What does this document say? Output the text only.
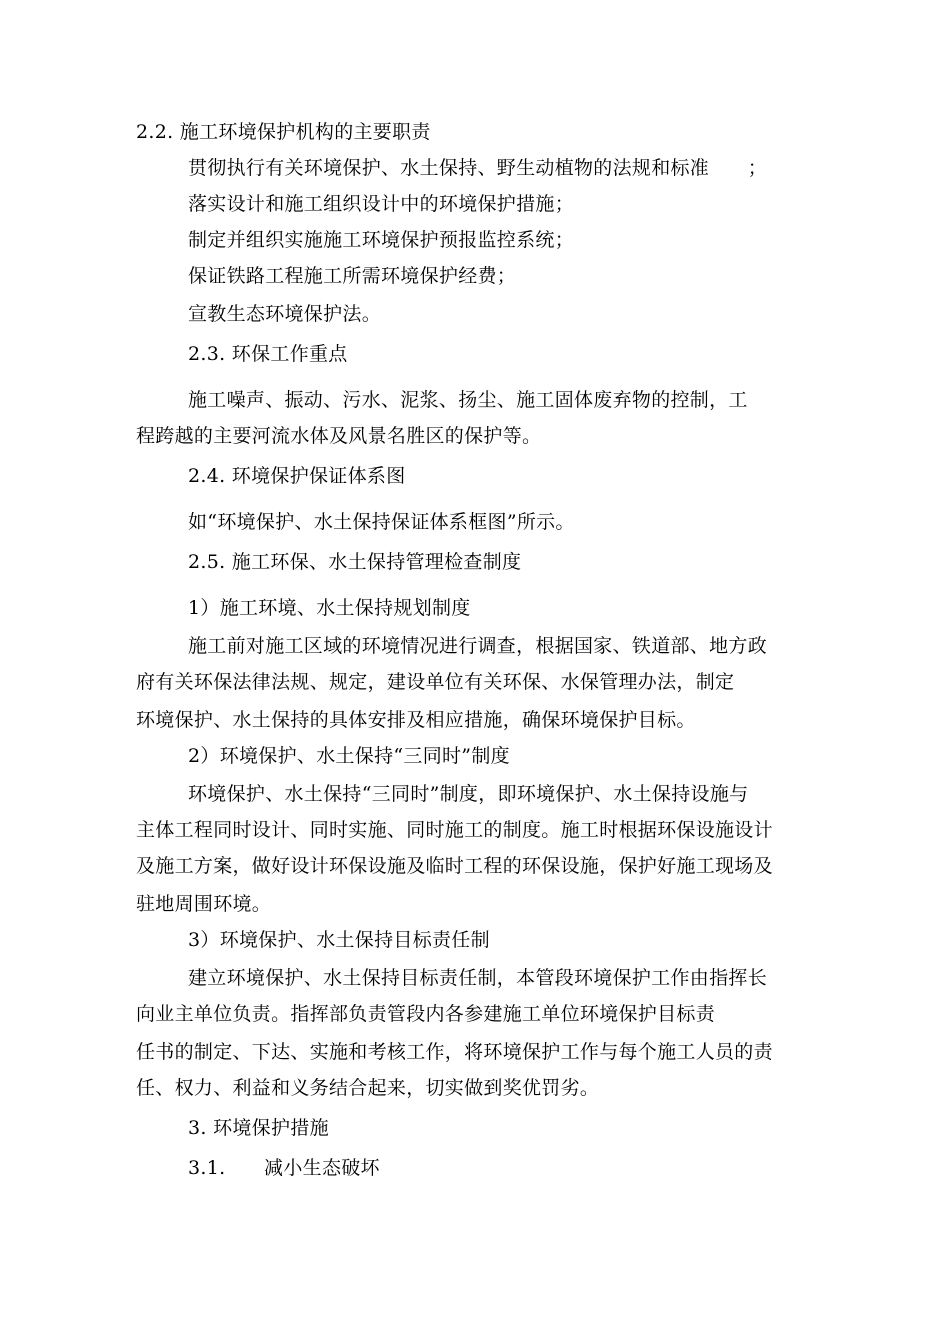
2.2. 施工环境保护机构的主要职责
贯彻执行有关环境保护、水土保持、野生动植物的法规和标准　　；
落实设计和施工组织设计中的环境保护措施；
制定并组织实施施工环境保护预报监控系统；
保证铁路工程施工所需环境保护经费；
宣教生态环境保护法。
2.3. 环保工作重点
施工噪声、振动、污水、泥浆、扬尘、施工固体废弃物的控制，工
程跨越的主要河流水体及风景名胜区的保护等。
2.4. 环境保护保证体系图
如“环境保护、水土保持保证体系框图”所示。
2.5. 施工环保、水土保持管理检查制度
1）施工环境、水土保持规划制度
施工前对施工区域的环境情况进行调查，根据国家、铁道部、地方政
府有关环保法律法规、规定，建设单位有关环保、水保管理办法，制定
环境保护、水土保持的具体安排及相应措施，确保环境保护目标。
2）环境保护、水土保持“三同时”制度
环境保护、水土保持“三同时”制度，即环境保护、水土保持设施与
主体工程同时设计、同时实施、同时施工的制度。施工时根据环保设施设计
及施工方案，做好设计环保设施及临时工程的环保设施，保护好施工现场及
驻地周围环境。
3）环境保护、水土保持目标责任制
建立环境保护、水土保持目标责任制，本管段环境保护工作由指挥长
向业主单位负责。指挥部负责管段内各参建施工单位环境保护目标责
任书的制定、下达、实施和考核工作，将环境保护工作与每个施工人员的责
任、权力、利益和义务结合起来，切实做到奖优罚劣。
3. 环境保护措施
3.1.　　减小生态破坏
